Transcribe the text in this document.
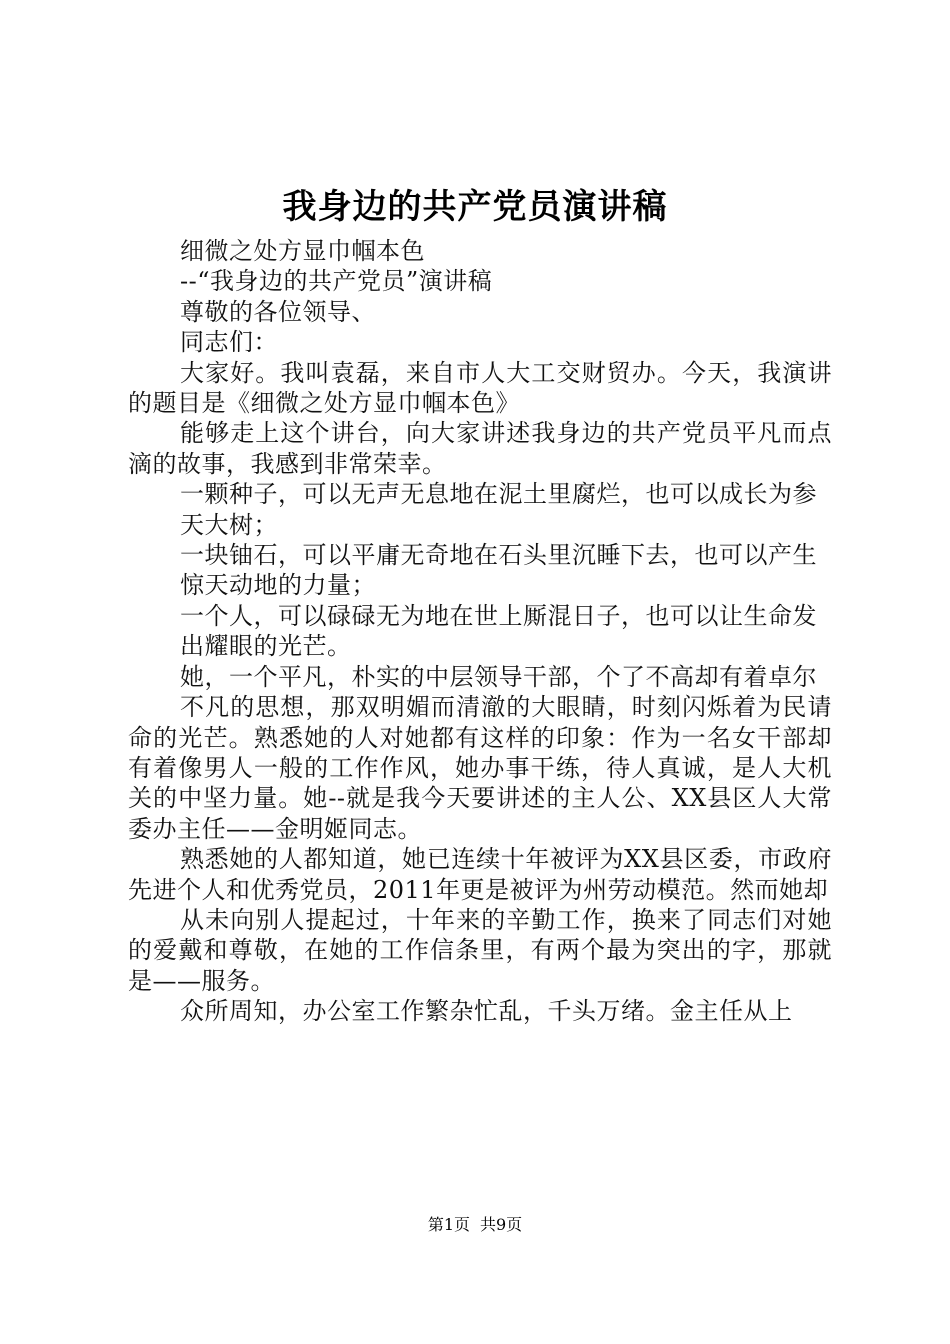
我身边的共产党员演讲稿

细微之处方显巾帼本色

--“我身边的共产党员”演讲稿

尊敬的各位领导、

同志们：

大家好。我叫袁磊，来自市人大工交财贸办。今天，我演讲的题目是《细微之处方显巾帼本色》

能够走上这个讲台，向大家讲述我身边的共产党员平凡而点滴的故事，我感到非常荣幸。

一颗种子，可以无声无息地在泥土里腐烂，也可以成长为参

天大树；

一块铀石，可以平庸无奇地在石头里沉睡下去，也可以产生

惊天动地的力量；

一个人，可以碌碌无为地在世上厮混日子，也可以让生命发

出耀眼的光芒。

她，一个平凡，朴实的中层领导干部，个了不高却有着卓尔

不凡的思想，那双明媚而清澈的大眼睛，时刻闪烁着为民请命的光芒。熟悉她的人对她都有这样的印象：作为一名女干部却有着像男人一般的工作作风，她办事干练，待人真诚，是人大机关的中坚力量。她--就是我今天要讲述的主人公、XX县区人大常委办主任——金明姬同志。

熟悉她的人都知道，她已连续十年被评为XX县区委，市政府先进个人和优秀党员，2011年更是被评为州劳动模范。然而她却

从未向别人提起过，十年来的辛勤工作，换来了同志们对她的爱戴和尊敬，在她的工作信条里，有两个最为突出的字，那就是——服务。

众所周知，办公室工作繁杂忙乱，千头万绪。金主任从上

第1页 共9页
